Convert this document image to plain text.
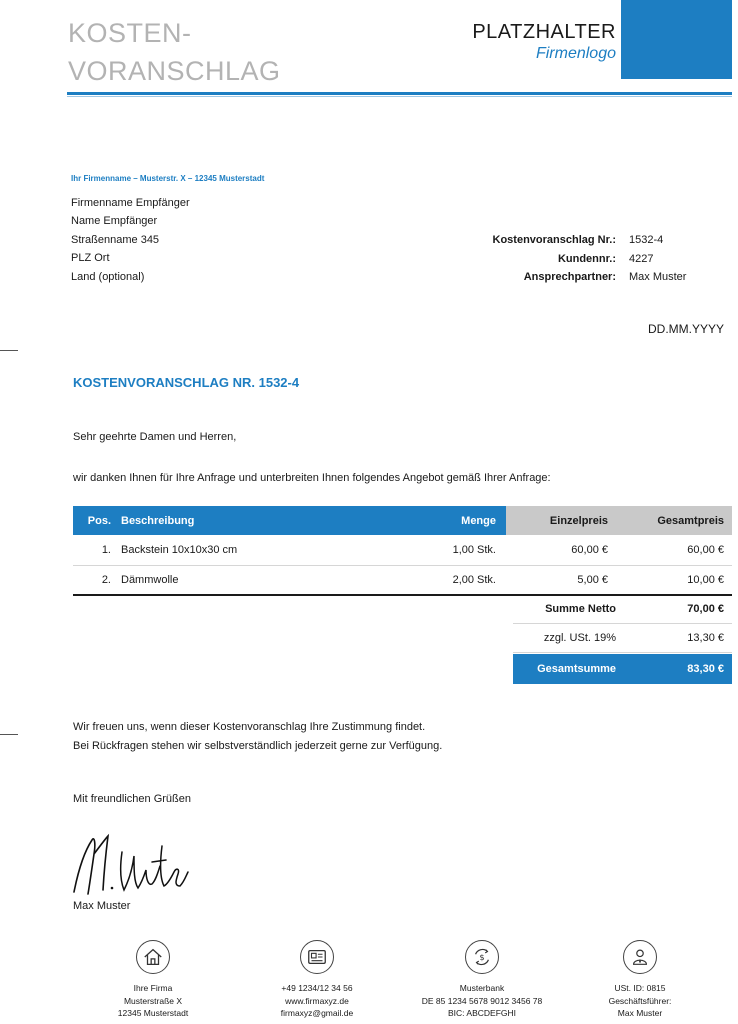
KOSTEN-
VORANSCHLAG
PLATZHALTER
Firmenlogo
Ihr Firmenname – Musterstr. X – 12345 Musterstadt
Firmenname Empfänger
Name Empfänger
Straßenname 345
PLZ Ort
Land (optional)
Kostenvoranschlag Nr.: 1532-4
Kundennr.: 4227
Ansprechpartner: Max Muster
DD.MM.YYYY
KOSTENVORANSCHLAG NR. 1532-4
Sehr geehrte Damen und Herren,
wir danken Ihnen für Ihre Anfrage und unterbreiten Ihnen folgendes Angebot gemäß Ihrer Anfrage:
Pos.	Beschreibung	Menge	Einzelpreis	Gesamtpreis
1.	Backstein 10x10x30 cm	1,00 Stk.	60,00 €	60,00 €
2.	Dämmwolle	2,00 Stk.	5,00 €	10,00 €
Summe Netto	70,00 €
zzgl. USt. 19%	13,30 €
Gesamtsumme	83,30 €
Wir freuen uns, wenn dieser Kostenvoranschlag Ihre Zustimmung findet.
Bei Rückfragen stehen wir selbstverständlich jederzeit gerne zur Verfügung.
Mit freundlichen Grüßen
Max Muster
Ihre Firma
Musterstraße X
12345 Musterstadt
+49 1234/12 34 56
www.firmaxyz.de
firmaxyz@gmail.de
$
Musterbank
DE 85 1234 5678 9012 3456 78
BIC: ABCDEFGHI
USt. ID: 0815
Geschäftsführer:
Max Muster
